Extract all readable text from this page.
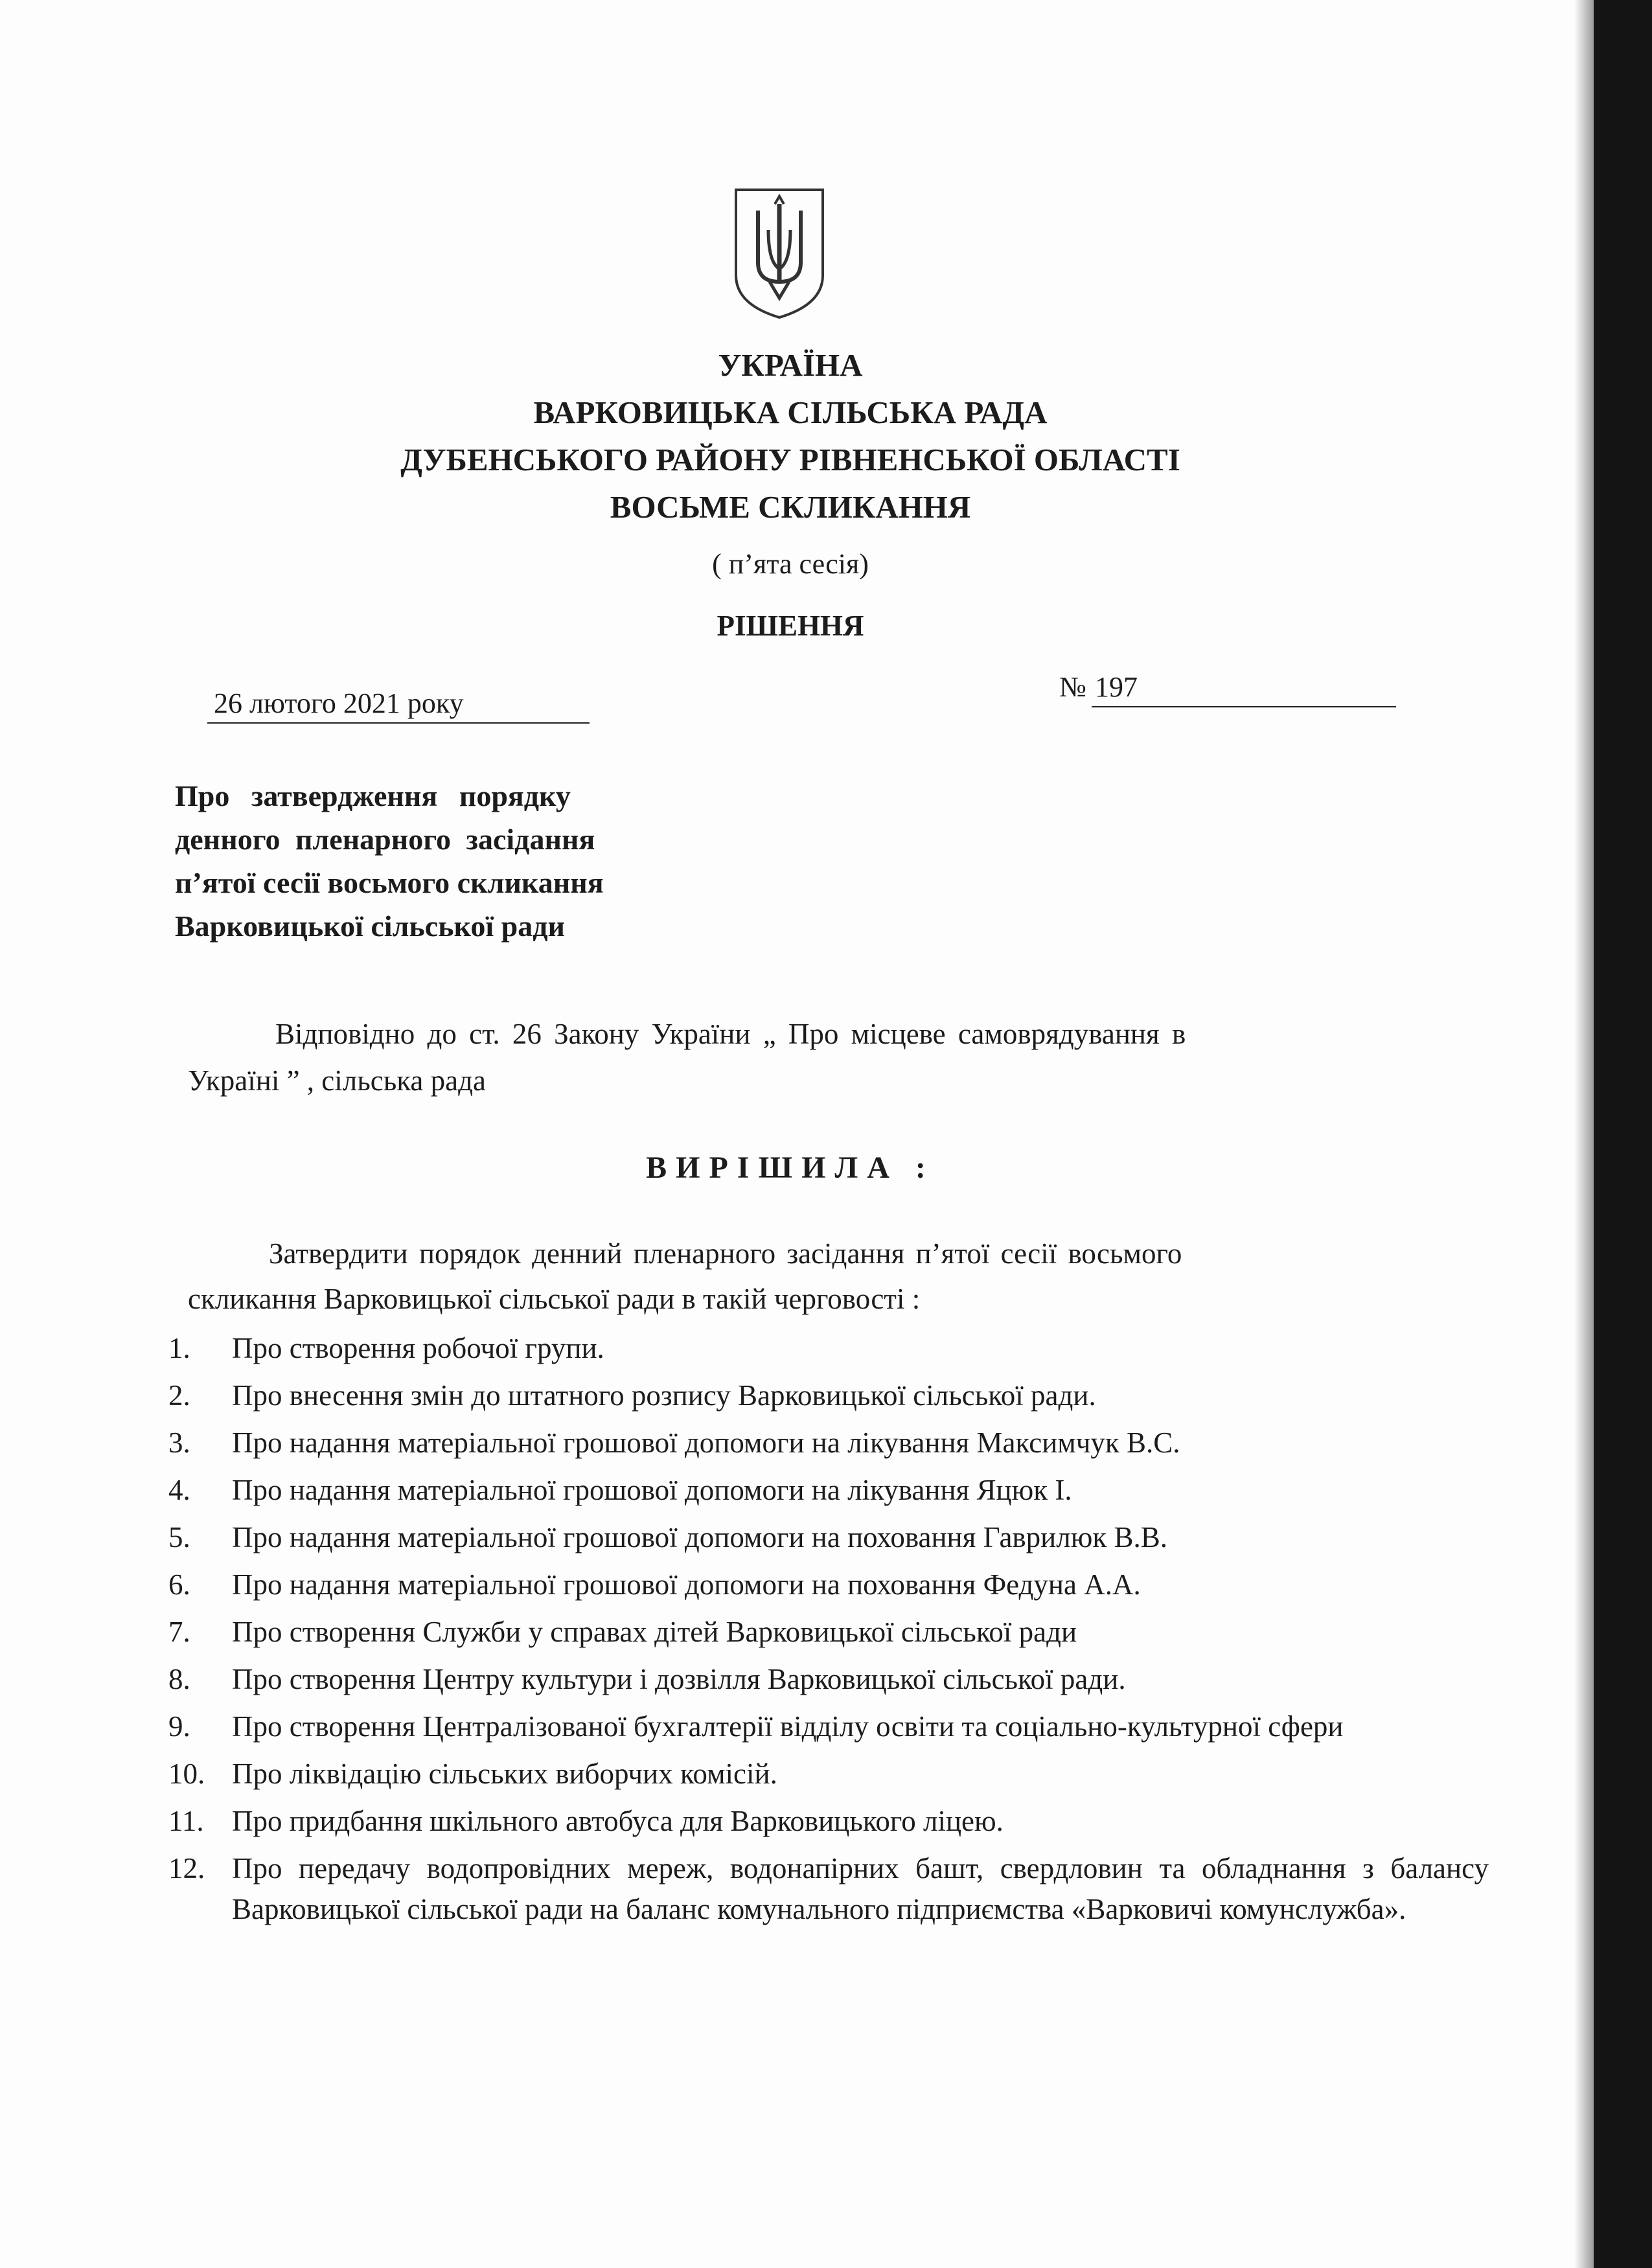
УКРАЇНА
ВАРКОВИЦЬКА СІЛЬСЬКА РАДА
ДУБЕНСЬКОГО РАЙОНУ РІВНЕНСЬКОЇ ОБЛАСТІ
ВОСЬМЕ СКЛИКАННЯ
( п’ята сесія)
РІШЕННЯ
26 лютого 2021 року
№ 197
Про затвердження порядку
денного пленарного засідання
п’ятої сесії восьмого скликання
Варковицької сільської ради
Відповідно до ст. 26 Закону України „ Про місцеве самоврядування в
Україні ” , сільська рада
ВИРІШИЛА :
Затвердити порядок денний пленарного засідання п’ятої сесії восьмого
скликання Варковицької сільської ради в такій черговості :
1.	Про створення робочої групи.
2.	Про внесення змін до штатного розпису Варковицької сільської ради.
3.	Про надання матеріальної грошової допомоги на лікування Максимчук В.С.
4.	Про надання матеріальної грошової допомоги на лікування Яцюк І.
5.	Про надання матеріальної грошової допомоги на поховання Гаврилюк В.В.
6.	Про надання матеріальної грошової допомоги на поховання Федуна А.А.
7.	Про створення Служби у справах дітей Варковицької сільської ради
8.	Про створення Центру культури і дозвілля Варковицької сільської ради.
9.	Про створення Централізованої бухгалтерії відділу освіти та соціально-культурної сфери
10. Про ліквідацію сільських виборчих комісій.
11. Про придбання шкільного автобуса для Варковицького ліцею.
12. Про передачу водопровідних мереж, водонапірних башт, свердловин та обладнання з балансу Варковицької сільської ради на баланс комунального підприємства «Варковичі комунслужба».
